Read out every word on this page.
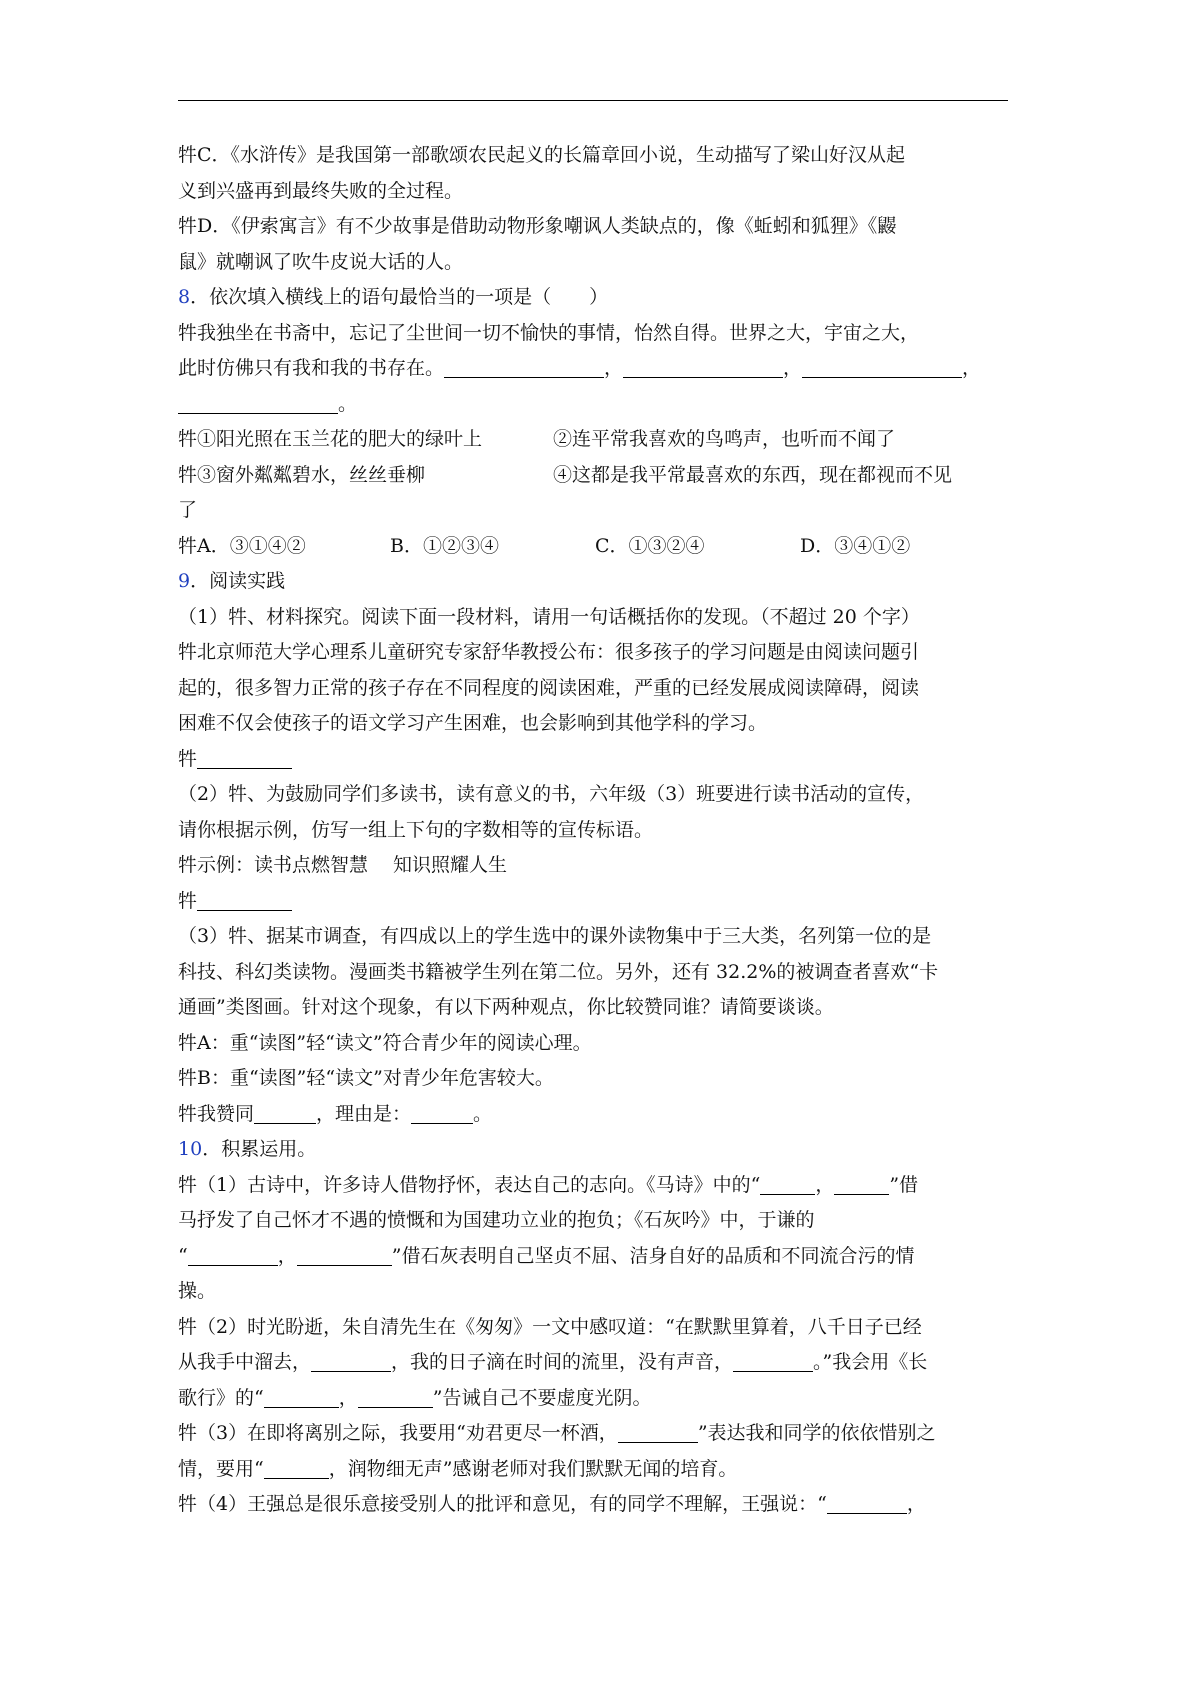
牪C．《水浒传》是我国第一部歌颂农民起义的长篇章回小说，生动描写了梁山好汉从起
义到兴盛再到最终失败的全过程。
牪D．《伊索寓言》有不少故事是借助动物形象嘲讽人类缺点的，像《蚯蚓和狐狸》《鼹
鼠》就嘲讽了吹牛皮说大话的人。
8．依次填入横线上的语句最恰当的一项是（　　）
牪我独坐在书斋中，忘记了尘世间一切不愉快的事情，怡然自得。世界之大，宇宙之大，
此时仿佛只有我和我的书存在。	，	，	，
。
牪①阳光照在玉兰花的肥大的绿叶上	②连平常我喜欢的鸟鸣声，也听而不闻了
牪③窗外粼粼碧水，丝丝垂柳	④这都是我平常最喜欢的东西，现在都视而不见
了
牪A．③①④②	B．①②③④	C．①③②④	D．③④①②
9．阅读实践
（1）牪、材料探究。阅读下面一段材料，请用一句话概括你的发现。（不超过 20 个字）
牪北京师范大学心理系儿童研究专家舒华教授公布：很多孩子的学习问题是由阅读问题引
起的，很多智力正常的孩子存在不同程度的阅读困难，严重的已经发展成阅读障碍，阅读
困难不仅会使孩子的语文学习产生困难，也会影响到其他学科的学习。
牪
（2）牪、为鼓励同学们多读书，读有意义的书，六年级（3）班要进行读书活动的宣传，
请你根据示例，仿写一组上下句的字数相等的宣传标语。
牪示例：读书点燃智慧　 知识照耀人生
牪
（3）牪、据某市调查，有四成以上的学生选中的课外读物集中于三大类，名列第一位的是
科技、科幻类读物。漫画类书籍被学生列在第二位。另外，还有 32.2%的被调查者喜欢“卡
通画”类图画。针对这个现象，有以下两种观点，你比较赞同谁？请简要谈谈。
牪A：重“读图”轻“读文”符合青少年的阅读心理。
牪B：重“读图”轻“读文”对青少年危害较大。
牪我赞同	，理由是：	。
10．积累运用。
牪（1）古诗中，许多诗人借物抒怀，表达自己的志向。《马诗》中的“	，	”借
马抒发了自己怀才不遇的愤慨和为国建功立业的抱负；《石灰吟》中，于谦的
“	，	”借石灰表明自己坚贞不屈、洁身自好的品质和不同流合污的情
操。
牪（2）时光盼逝，朱自清先生在《匆匆》一文中感叹道：“在默默里算着，八千日子已经
从我手中溜去，	，我的日子滴在时间的流里，没有声音，	。”我会用《长
歌行》的“	，	”告诫自己不要虚度光阴。
牪（3）在即将离别之际，我要用“劝君更尽一杯酒，	”表达我和同学的依依惜别之
情，要用“	，润物细无声”感谢老师对我们默默无闻的培育。
牪（4）王强总是很乐意接受别人的批评和意见，有的同学不理解，王强说：“	，
